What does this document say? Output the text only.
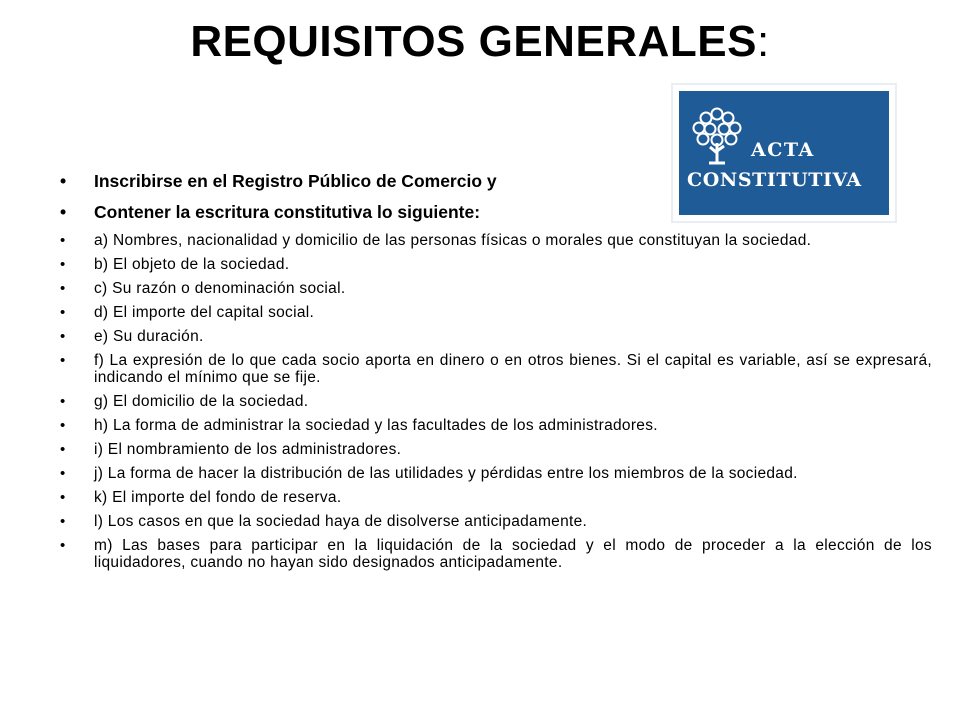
REQUISITOS GENERALES:
ACTA
CONSTITUTIVA
•	Inscribirse en el Registro Público de Comercio y
•	Contener la escritura constitutiva lo siguiente:
•	a) Nombres, nacionalidad y domicilio de las personas físicas o morales que constituyan la sociedad.
•	b) El objeto de la sociedad.
•	c) Su razón o denominación social.
•	d) El importe del capital social.
•	e) Su duración.
•	f) La expresión de lo que cada socio aporta en dinero o en otros bienes. Si el capital es variable, así se expresará, indicando el mínimo que se fije.
•	g) El domicilio de la sociedad.
•	h) La forma de administrar la sociedad y las facultades de los administradores.
•	i) El nombramiento de los administradores.
•	j) La forma de hacer la distribución de las utilidades y pérdidas entre los miembros de la sociedad.
•	k) El importe del fondo de reserva.
•	l) Los casos en que la sociedad haya de disolverse anticipadamente.
•	m) Las bases para participar en la liquidación de la sociedad y el modo de proceder a la elección de los liquidadores, cuando no hayan sido designados anticipadamente.
